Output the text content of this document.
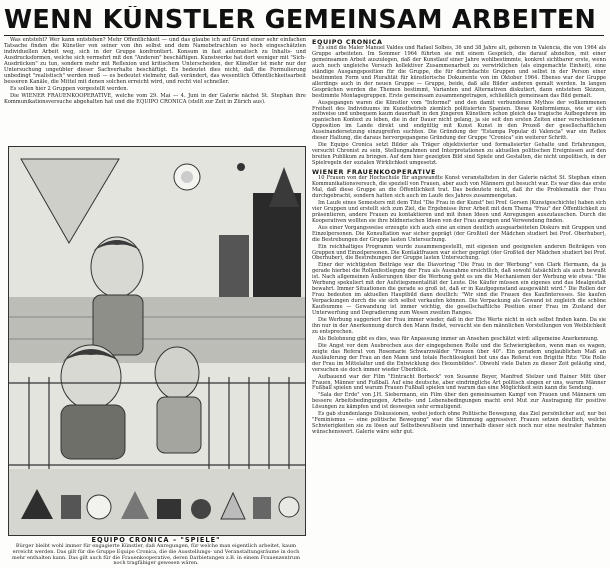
WENN KÜNSTLER GEMEINSAM ARBEITEN

Was entsteht? Wer kann entstehen? Mehr Öffentlichkeit — und das glaube ich auf Grund einer sehr einfachen Tatsache finden die Künstler von seiner von ihn selbst und dem Namebetrachten so hoch eingeschätzten individuellen Arbeit weg, sich in der Gruppe konfrontiert. Konsum in fast automatisch zu Inhalts- und Ausdrucksformen, welche sich vermehrt mit den "Anderen" beschäftigen. Kunstwerke hat dort weniger mit "Sich-Ausdrücken" zu tun, sondern mehr mit Reflexion und kritischem Unterscheiden, der Künstler ist mehr nur der Untersuchung ungeübter dieser Sachverhalte beschäftigt. Es bedeutet dies nicht, daß die Formulierung unbedingt "realistisch" werden muß — es bedeutet vielmehr, daß verändert, das wesentlich Öffentlichkeitsarbeit besseren Kanäle, die Mittel mit denen solchen erreicht wird, und recht viel schneller.

Es sollen hier 2 Gruppen vorgestellt werden.

Die WIENER FRAUENKOOPERATIVE, welche vom 29. Mai — 4. Juni in der Galerie nächst St. Stephan ihre Kommunikationsversuche abgehalten hat und die EQUIPO CRONICA (stellt zur Zeit in Zürich aus).

EQUIPO CRONICA – "SPIELE"
Bürger bleibt wohl immer für engagierte Künstler, daß Anregungen, für welche man eigentlich arbeitet, kaum erreicht werden. Das gilt für die Gruppe Equipo Cronica, die die Ausstellungs- und Veranstaltungsräume in doch mehr enthalten kann. Das gilt auch für die Frauenkooperative, deren Darbietungen z.B. in einem Frauenzentrum noch tragfähiger gewesen wären.
EQUIPO CRONICA

Es sind die Maler Manuel Valdes und Rafael Solbes, 36 und 38 Jahre alt, geboren in Valencia, die von 1964 als Gruppe arbeiteten. Im Sommer 1964 führten sie mit einem Gespräch, die darauf abzielten, mit einer gemeinsamen Arbeit auszulegen, daß der Kunstlauf einer Jahre wohlbestimmte, konkret sichtbarer erste, wenn auch noch ungleiche Versuch kollektiver Zusammenarbeit zu verwirklichen (als eingemachte Einheit), eine ständige Ausgangsposition für die Gruppe, die für durchdachte Gruppen und selbst in der Person einer bestimmten Form und Pluralität für künstlerische Dokumente von im Oktober 1964. Ebenso war der Gruppe allerdings auch in der neuen Gruppe — Gruppe, beide, daß alle Bilder anderen gemalt werden. In langen Gesprächen werden die Themen bestimmt, Varianten und Alternativen diskutiert, dann entstehen Skizzen, bestimmte Montagegruppen. Erste gemeinsam zusammengetragen, schließlich gemeinsam das Bild gemalt.

Ausgegangen waren die Künstler vom "Informel" und den damit verbundenen Mythos der vollkommenen Freiheit des Individuums im Kunstbetrieb ziemlich politisierten Spanien. Diese Konformismus, wie er sich zeitweise und unbequem kaum dauerhaft in den jüngeren Künstlern schon gleich das tragische Aufbegehren im spanischen Kontext zu leben, die in der Dauer nicht gelang, ja sie seit den ersten Zeiten einer verschiedenen Opposition im Lande direkt und endgültig mit Kunst Kunst in den Prozeß der gesellschaftlichen Auseinandersetzung einzugreifen suchten. Die Gründung der "Estampa Popular di Valencia" war ein Reflex dieser Haltung, die daraus hervorgegangene Gründung der Gruppe "Cronica" ein weiterer Schritt.

Die Equipo Cronica setzt Bilder als Träger objektivierter und formalisierter Gehalte und Erfahrungen, versucht Chronist zu sein, Stellungnahmen und Interpretationen zu aktuellen politischen Ereignissen auf den breiten Publikum zu bringen. Auf dem hier gezeigten Bild sind Spiele und Gestalten, die nicht unpolitisch, in der Spielregeln der sozialen Wirklichkeit umgesetzt.

WIENER FRAUENKOOPERATIVE

10 Frauen von der Hochschule für angewandte Kunst veranstalteten in der Galerie nächst St. Stephan einen Kommunikationsversuch, die speziell von Frauen, aber auch von Männern gut besucht war. Es war dies das erste Mal, daß diese Gruppe an die Öffentlichkeit trat. Das bedeutete nicht, daß ihr die Problematik der Frau durchgebracht, sondern hatten sich auch im Laufe des Jahres zusammengetan.

Im Laufe eines Semesters mit dem Titel "Die Frau in der Kunst" bei Prof. Gorsen (Kunstgeschichte) haben sich vier Gruppen und erstellt sich zum Ziel, die Ergebnisse ihrer Arbeit mit dem Thema "Frau" der Öffentlichkeit zu präsentieren, andere Frauen zu kontaktieren und mit ihnen Ideen und Anregungen auszutauschen. Durch die Kooperativen wollten sie ihre bildnerischen Ideen von der Frau anregen und Verwendung finden.

Aus einer Vorgangsweise erzeugte sich auch eine an einen deutlich ausgearbeiteten Diskurs mit Gruppen und Einzelpersonen. Die Konsultation war sicher geprägt (der Großteil der Mädchen studiert bei Prof. Oberhuber), die Bestrebungen der Gruppe lasten Untersuchung.

Ein reichhaltiges Programm wurde zusammengestellt, mit eigenen und geeigneten anderen Beiträgen von Gruppen und Einzelpersonen. Die Kontaktfrauen war sicher geprägt (der Großteil der Mädchen studiert bei Prof. Oberhuber), die Bestrebungen der Gruppe lasten Untersuchung.

Einer der wichtigsten Beiträge war die Diavortrag "Die Frau in der Werbung" von Clark Hermann, da ja gerade hierbei die Rollenfestlegung der Frau als Ausnahme ersichtlich, daß sowohl tatsächlich als auch bewußt ist. Nach allgemeinen Äußerungen über die Werbung geht es um die Mechanismen der Werbung wie etwa: "Die Werbung spekuliert mit der Aufstiegsmentalität der Leute. Die Käufer müssen ein eigenes und das Idealgestalt bewahrt. Immer Situationen die gerade so groß ist, daß er in Kaufgegenstand ausgewählt wird." Die Rollen der Frau bedeuten im aktuellen Hauptbild dann deutlich: "Wir sind die Frauen des Kaufinteresses. Sie kaufen Verpackungen durch die sie sich selbst verkaufen können. Die Verpackung als Gewand ist zugleich die schöne Kaufsumme — Gewandung ist immer wichtig, die gesellschaftliche Position einer Frau im Zustand der Unterwerfung und Degradierung zum Wesen zweiten Ranges.

Die Werbung suggeriert der Frau immer wieder, daß in der Ehe Werte nicht in sich selbst finden kann. Da sie ihn nur in der Anerkennung durch den Mann findet, versucht sie den männlichen Vorstellungen von Weiblichkeit zu entsprechen.

Als Belohnung gibt es dies, was für Anpassung immer an Ansehen geschätzt wird: allgemeine Anerkennung.

Die Angst vor dem Ausbrechen aus der eingegebenen Rolle und die Schwierigkeiten, wenn man es wagen, zeigte das Referat von Rosemarie Schwarzwälder "Frauen über 40". Ein geradem unglaublichen Maß an Ausläuferung der Frau an den Mann und totale Rechtlosigkeit bot uns das Referat von Brigitte Ritz: "Die Rolle der Frau im Mittelalter und die Entwicklung des Hexenbildes". Obwohl viele Daten zu dieser Zeit geläufig sind, versuchen sie doch immer wieder Überblick.

Aufbauend war der Film "Eintracht Borbeck" von Susanne Beyer, Manfred Stelzer und Rainer Mitt über Frauen, Männer und Fußball. Auf eine deutsche, aber eindringliche Art politisch singen er uns, warum Männer Fußball spielen und warum Frauen Fußball spielen und warum das eine Möglichkeit sein kann die Sendung.

"Sala der Erde" von J.H. Siebermann, ein Film über den gemeinsamen Kampf von Frauen und Männern um bessere Arbeitsbedingungen, Arbeits- und Lebensbedingungen macht erst Mut zur Austragung für positive Lösungen zu kämpfen und ist deswegen sehr ermutigend.

Es gab stundenlange Diskussionen, wobei jedoch ohne Politische Bewegung, das Ziel persönlicher auf, nur bei "Feminismus — eine politische Bewegung" war die Stimmung aggressiver. Frauen setzen deutlich, welche Schwierigkeiten sie zu lösen auf Selbstbewußtsein und innerhalb dieser sich noch nur eine neutraler Rahmen wünschenswert. Galerie wäre sehr gut.
